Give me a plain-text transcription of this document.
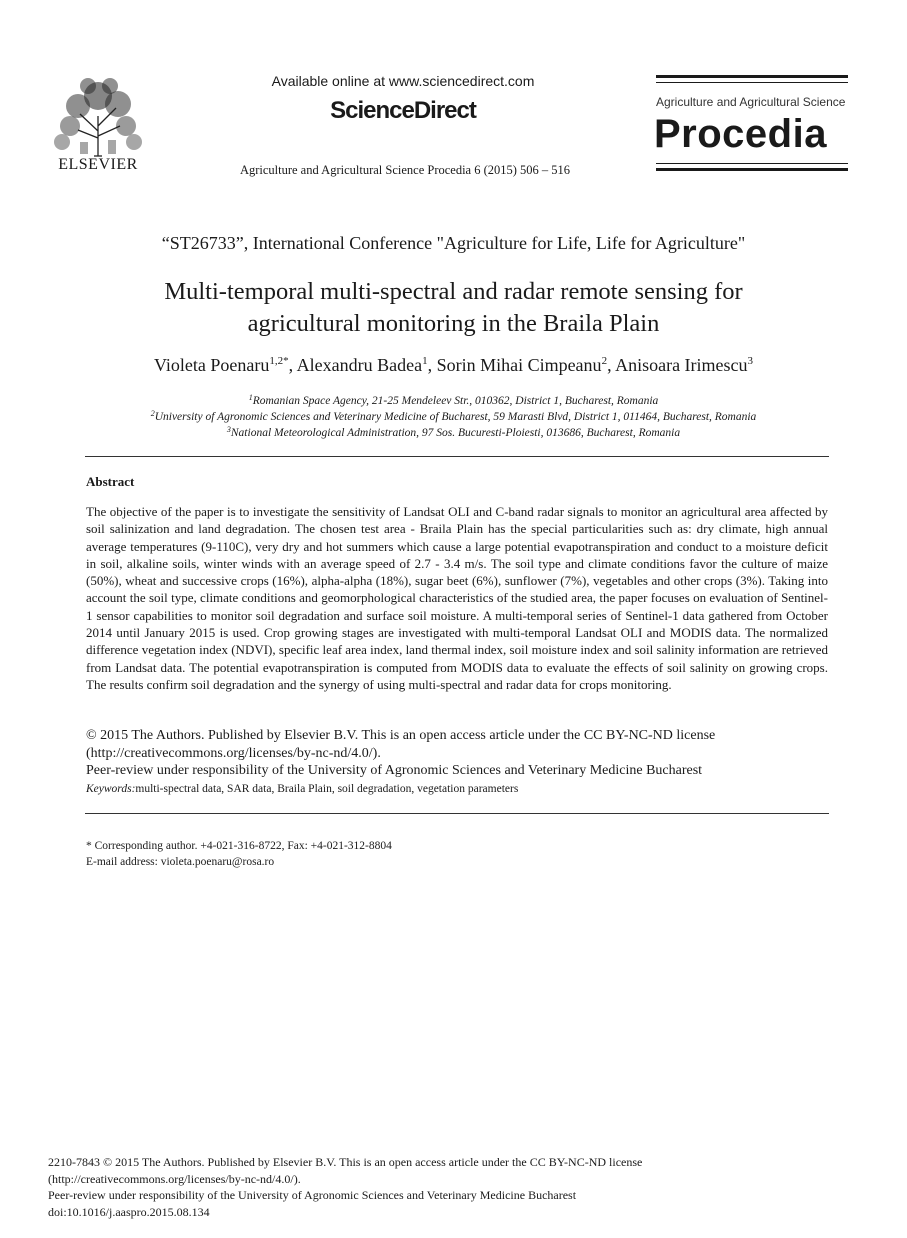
ELSEVIER
Available online at www.sciencedirect.com
ScienceDirect
Agriculture and Agricultural Science Procedia 6 (2015) 506 – 516
Agriculture and Agricultural Science
Procedia
“ST26733”, International Conference "Agriculture for Life, Life for Agriculture"
Multi-temporal multi-spectral and radar remote sensing for
agricultural monitoring in the Braila Plain
Violeta Poenaru$^{1,2*}$, Alexandru Badea$^1$, Sorin Mihai Cimpeanu$^2$, Anisoara Irimescu$^3$
$^1$Romanian Space Agency, 21-25 Mendeleev Str., 010362, District 1, Bucharest, Romania
$^2$University of Agronomic Sciences and Veterinary Medicine of Bucharest, 59 Marasti Blvd, District 1, 011464, Bucharest, Romania
$^3$National Meteorological Administration, 97 Sos. Bucuresti-Ploiesti, 013686, Bucharest, Romania
Abstract
The objective of the paper is to investigate the sensitivity of Landsat OLI and C-band radar signals to monitor an agricultural area affected by soil salinization and land degradation. The chosen test area - Braila Plain has the special particularities such as: dry climate, high annual average temperatures (9-110C), very dry and hot summers which cause a large potential evapotranspiration and conduct to a moisture deficit in soil, alkaline soils, winter winds with an average speed of 2.7 - 3.4 m/s. The soil type and climate conditions favor the culture of maize (50%), wheat and successive crops (16%), alpha-alpha (18%), sugar beet (6%), sunflower (7%), vegetables and other crops (3%). Taking into account the soil type, climate conditions and geomorphological characteristics of the studied area, the paper focuses on evaluation of Sentinel-1 sensor capabilities to monitor soil degradation and surface soil moisture. A multi-temporal series of Sentinel-1 data gathered from October 2014 until January 2015 is used. Crop growing stages are investigated with multi-temporal Landsat OLI and MODIS data. The normalized difference vegetation index (NDVI), specific leaf area index, land thermal index, soil moisture index and soil salinity information are retrieved from Landsat data. The potential evapotranspiration is computed from MODIS data to evaluate the effects of soil salinity on growing crops. The results confirm soil degradation and the synergy of using multi-spectral and radar data for crops monitoring.
© 2015 The Authors. Published by Elsevier B.V. This is an open access article under the CC BY-NC-ND license
(http://creativecommons.org/licenses/by-nc-nd/4.0/).
Peer-review under responsibility of the University of Agronomic Sciences and Veterinary Medicine Bucharest
Keywords:multi-spectral data, SAR data, Braila Plain, soil degradation, vegetation parameters
* Corresponding author. +4-021-316-8722, Fax: +4-021-312-8804
E-mail address: violeta.poenaru@rosa.ro
2210-7843 © 2015 The Authors. Published by Elsevier B.V. This is an open access article under the CC BY-NC-ND license
(http://creativecommons.org/licenses/by-nc-nd/4.0/).
Peer-review under responsibility of the University of Agronomic Sciences and Veterinary Medicine Bucharest
doi:10.1016/j.aaspro.2015.08.134
